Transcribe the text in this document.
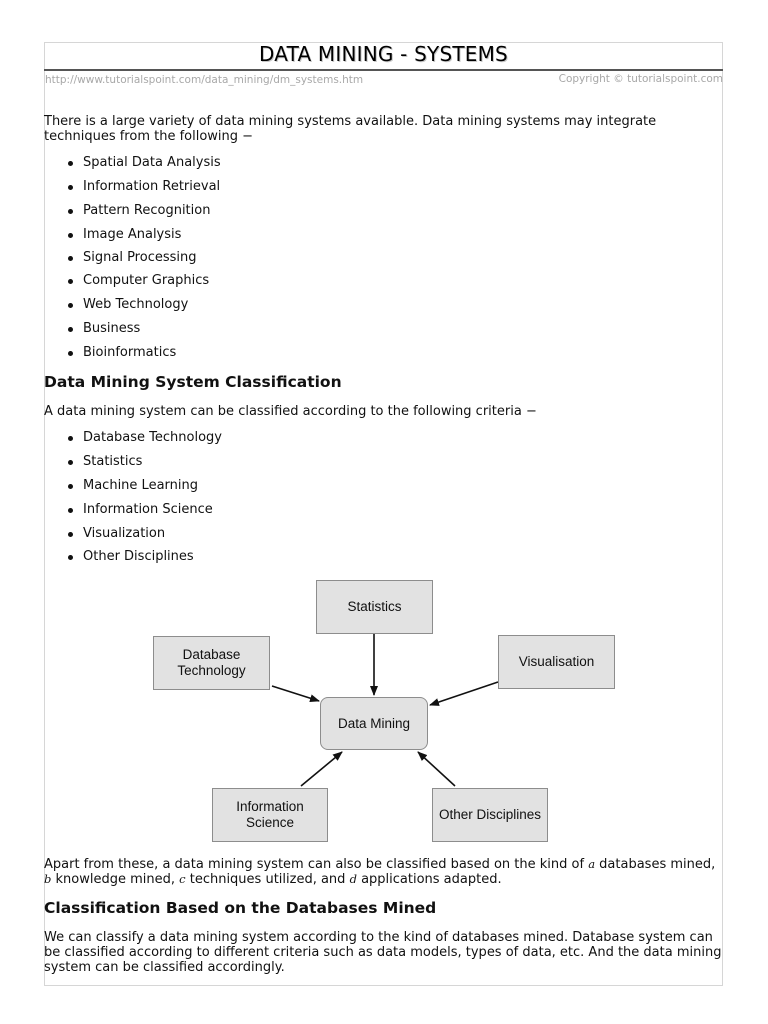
DATA MINING - SYSTEMS
http://www.tutorialspoint.com/data_mining/dm_systems.htm	Copyright © tutorialspoint.com
There is a large variety of data mining systems available. Data mining systems may integrate techniques from the following −
Spatial Data Analysis
Information Retrieval
Pattern Recognition
Image Analysis
Signal Processing
Computer Graphics
Web Technology
Business
Bioinformatics
Data Mining System Classification
A data mining system can be classified according to the following criteria −
Database Technology
Statistics
Machine Learning
Information Science
Visualization
Other Disciplines
Statistics
Database Technology
Visualisation
Data Mining
Information Science
Other Disciplines
Apart from these, a data mining system can also be classified based on the kind of a databases mined, b knowledge mined, c techniques utilized, and d applications adapted.
Classification Based on the Databases Mined
We can classify a data mining system according to the kind of databases mined. Database system can be classified according to different criteria such as data models, types of data, etc. And the data mining system can be classified accordingly.
